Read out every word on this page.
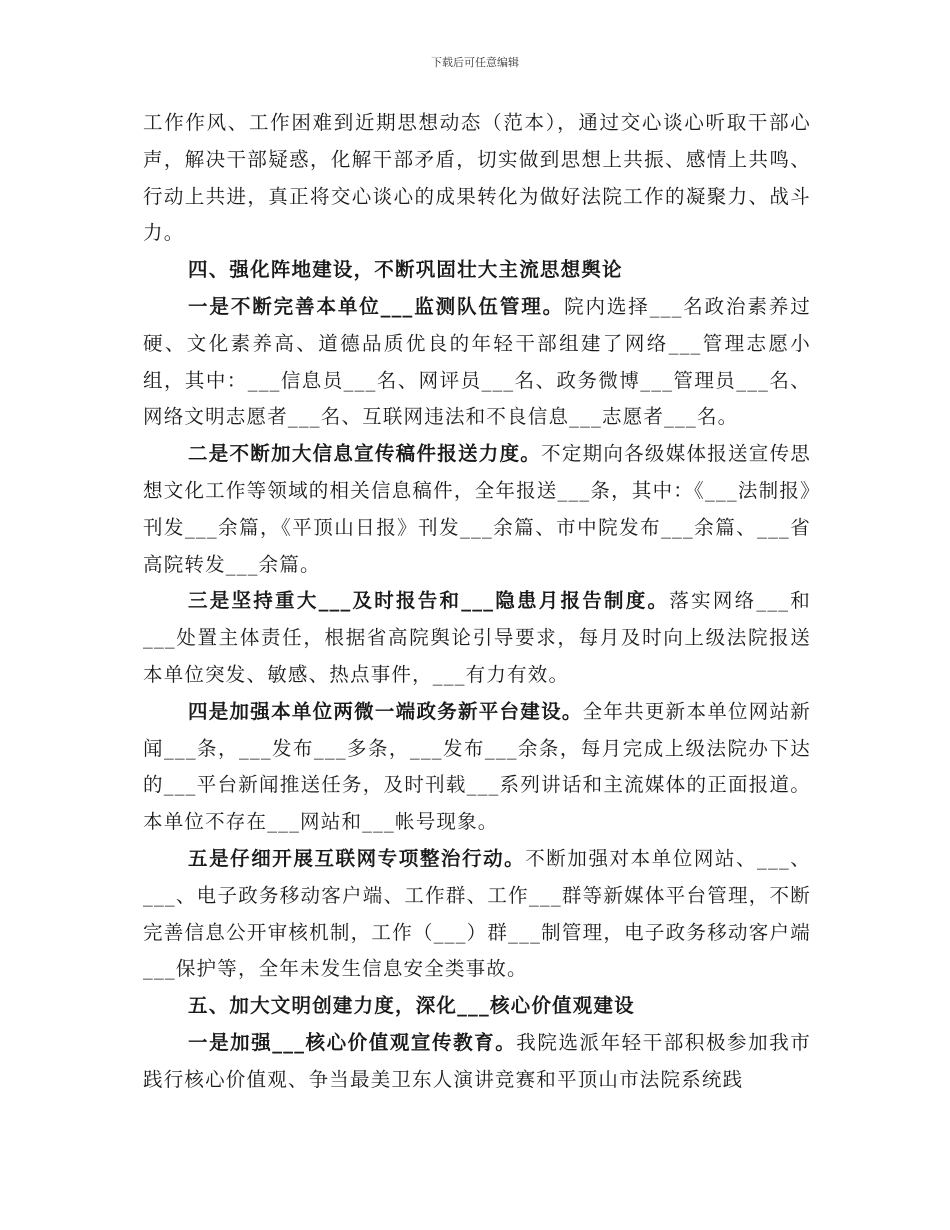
下载后可任意编辑

工作作风、工作困难到近期思想动态（范本），通过交心谈心听取干部心声，解决干部疑惑，化解干部矛盾，切实做到思想上共振、感情上共鸣、行动上共进，真正将交心谈心的成果转化为做好法院工作的凝聚力、战斗力。

四、强化阵地建设，不断巩固壮大主流思想舆论

一是不断完善本单位___监测队伍管理。院内选择___名政治素养过硬、文化素养高、道德品质优良的年轻干部组建了网络___管理志愿小组，其中：___信息员___名、网评员___名、政务微博___管理员___名、网络文明志愿者___名、互联网违法和不良信息___志愿者___名。

二是不断加大信息宣传稿件报送力度。不定期向各级媒体报送宣传思想文化工作等领域的相关信息稿件，全年报送___条，其中：《___法制报》刊发___余篇，《平顶山日报》刊发___余篇、市中院发布___余篇、___省高院转发___余篇。

三是坚持重大___及时报告和___隐患月报告制度。落实网络___和___处置主体责任，根据省高院舆论引导要求，每月及时向上级法院报送本单位突发、敏感、热点事件，___有力有效。

四是加强本单位两微一端政务新平台建设。全年共更新本单位网站新闻___条，___发布___多条，___发布___余条，每月完成上级法院办下达的___平台新闻推送任务，及时刊载___系列讲话和主流媒体的正面报道。本单位不存在___网站和___帐号现象。

五是仔细开展互联网专项整治行动。不断加强对本单位网站、___、___、电子政务移动客户端、工作群、工作___群等新媒体平台管理，不断完善信息公开审核机制，工作（___）群___制管理，电子政务移动客户端___保护等，全年未发生信息安全类事故。

五、加大文明创建力度，深化___核心价值观建设

一是加强___核心价值观宣传教育。我院选派年轻干部积极参加我市践行核心价值观、争当最美卫东人演讲竞赛和平顶山市法院系统践
